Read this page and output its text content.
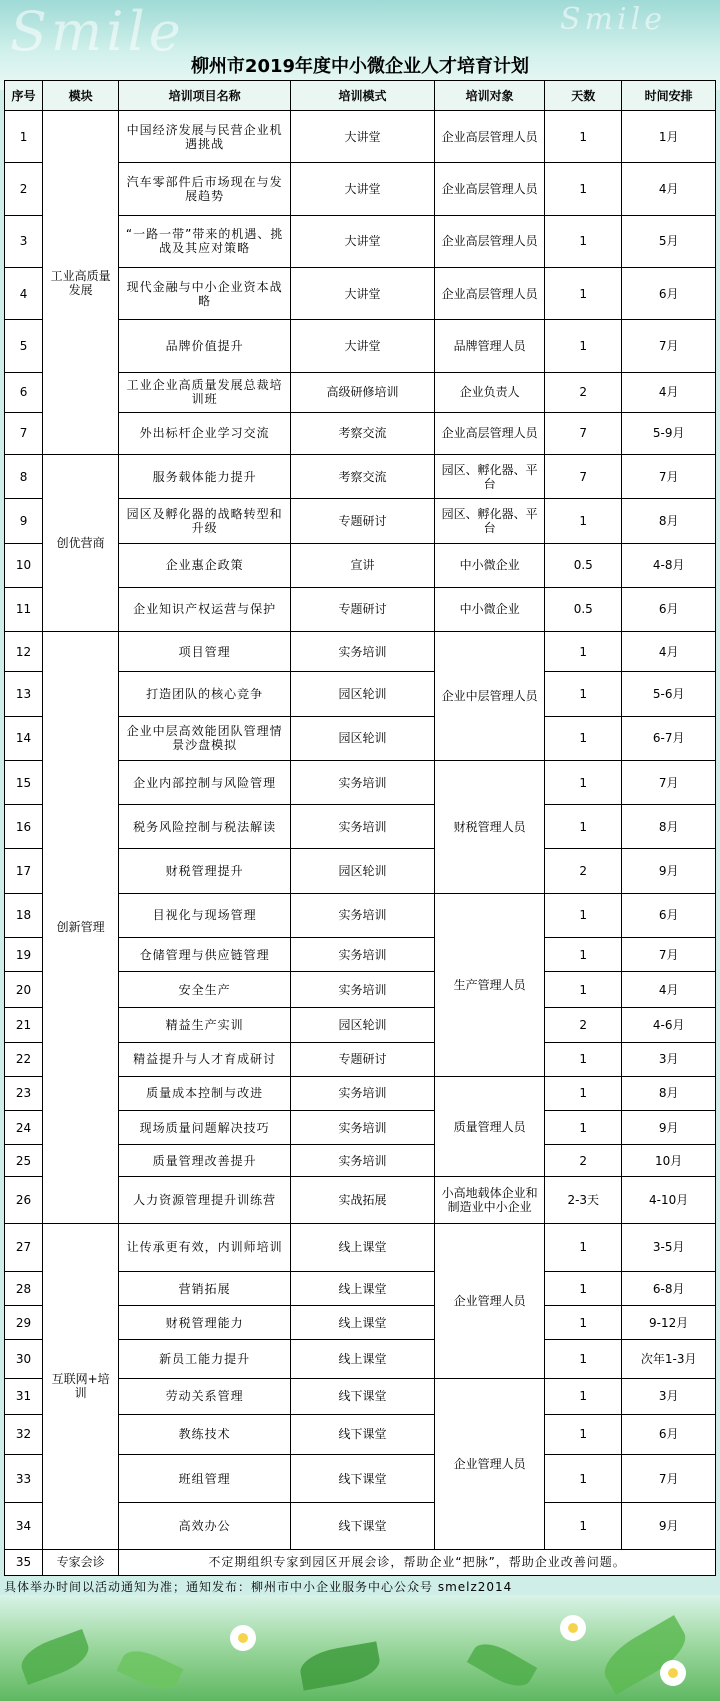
Smile	Smile
柳州市2019年度中小微企业人才培育计划
序号	模块	培训项目名称	培训模式	培训对象	天数	时间安排
1	工业高质量发展	中国经济发展与民营企业机遇挑战	大讲堂	企业高层管理人员	1	1月
2		汽车零部件后市场现在与发展趋势	大讲堂	企业高层管理人员	1	4月
3		“一路一带”带来的机遇、挑战及其应对策略	大讲堂	企业高层管理人员	1	5月
4		现代金融与中小企业资本战略	大讲堂	企业高层管理人员	1	6月
5		品牌价值提升	大讲堂	品牌管理人员	1	7月
6		工业企业高质量发展总裁培训班	高级研修培训	企业负责人	2	4月
7		外出标杆企业学习交流	考察交流	企业高层管理人员	7	5-9月
8	创优营商	服务载体能力提升	考察交流	园区、孵化器、平台	7	7月
9		园区及孵化器的战略转型和升级	专题研讨	园区、孵化器、平台	1	8月
10		企业惠企政策	宣讲	中小微企业	0.5	4-8月
11		企业知识产权运营与保护	专题研讨	中小微企业	0.5	6月
12	创新管理	项目管理	实务培训	企业中层管理人员	1	4月
13		打造团队的核心竞争	园区轮训		1	5-6月
14		企业中层高效能团队管理情景沙盘模拟	园区轮训		1	6-7月
15		企业内部控制与风险管理	实务培训	财税管理人员	1	7月
16		税务风险控制与税法解读	实务培训		1	8月
17		财税管理提升	园区轮训		2	9月
18		目视化与现场管理	实务培训	生产管理人员	1	6月
19		仓储管理与供应链管理	实务培训		1	7月
20		安全生产	实务培训		1	4月
21		精益生产实训	园区轮训		2	4-6月
22		精益提升与人才育成研讨	专题研讨		1	3月
23		质量成本控制与改进	实务培训	质量管理人员	1	8月
24		现场质量问题解决技巧	实务培训		1	9月
25		质量管理改善提升	实务培训		2	10月
26		人力资源管理提升训练营	实战拓展	小高地载体企业和制造业中小企业	2-3天	4-10月
27	互联网+培训	让传承更有效，内训师培训	线上课堂	企业管理人员	1	3-5月
28		营销拓展	线上课堂		1	6-8月
29		财税管理能力	线上课堂		1	9-12月
30		新员工能力提升	线上课堂		1	次年1-3月
31		劳动关系管理	线下课堂	企业管理人员	1	3月
32		教练技术	线下课堂		1	6月
33		班组管理	线下课堂		1	7月
34		高效办公	线下课堂		1	9月
35	专家会诊	不定期组织专家到园区开展会诊，帮助企业“把脉”，帮助企业改善问题。				
具体举办时间以活动通知为准；通知发布：柳州市中小企业服务中心公众号 smelz2014
